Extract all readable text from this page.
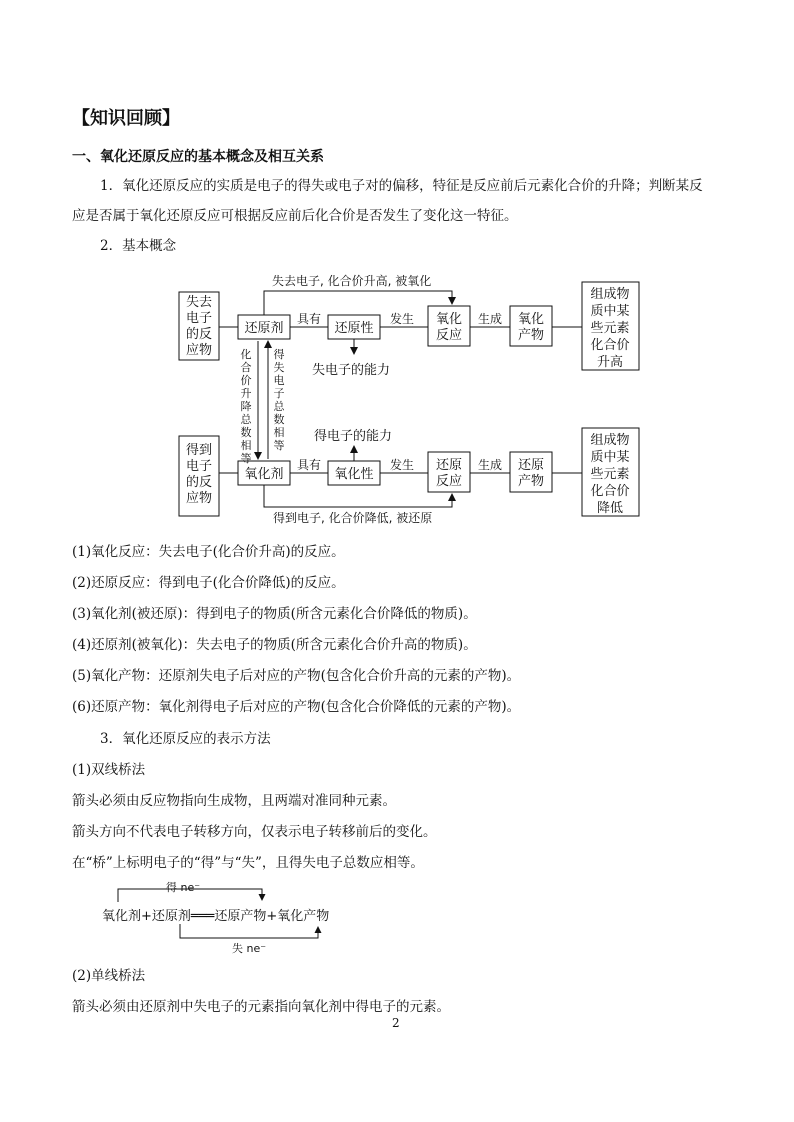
【知识回顾】
一、氧化还原反应的基本概念及相互关系
1．氧化还原反应的实质是电子的得失或电子对的偏移，特征是反应前后元素化合价的升降；判断某反
应是否属于氧化还原反应可根据反应前后化合价是否发生了变化这一特征。
2．基本概念
失去电子, 化合价升高, 被氧化
得到电子, 化合价降低, 被还原
失去
电子
的反
应物
得到
电子
的反
应物
还原剂
氧化剂
还原性
氧化性
氧化
反应
还原
反应
氧化
产物
还原
产物
组成物
质中某
些元素
化合价
升高
组成物
质中某
些元素
化合价
降低
具有
具有
发生
发生
生成
生成
失电子的能力
得电子的能力
化
合
价
升
降
总
数
相
等
得
失
电
子
总
数
相
等
(1)氧化反应：失去电子(化合价升高)的反应。
(2)还原反应：得到电子(化合价降低)的反应。
(3)氧化剂(被还原)：得到电子的物质(所含元素化合价降低的物质)。
(4)还原剂(被氧化)：失去电子的物质(所含元素化合价升高的物质)。
(5)氧化产物：还原剂失电子后对应的产物(包含化合价升高的元素的产物)。
(6)还原产物：氧化剂得电子后对应的产物(包含化合价降低的元素的产物)。
3．氧化还原反应的表示方法
(1)双线桥法
箭头必须由反应物指向生成物，且两端对准同种元素。
箭头方向不代表电子转移方向，仅表示电子转移前后的变化。
在“桥”上标明电子的“得”与“失”，且得失电子总数应相等。
得 ne⁻
氧化剂+还原剂═══还原产物+氧化产物
失 ne⁻
(2)单线桥法
箭头必须由还原剂中失电子的元素指向氧化剂中得电子的元素。
2
